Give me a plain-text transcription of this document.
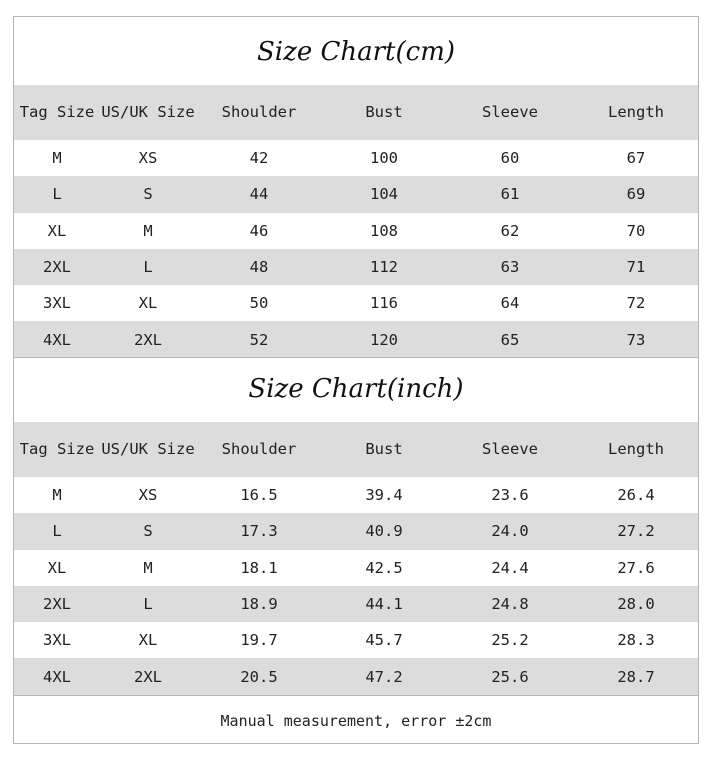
Size Chart(cm)
Tag Size	US/UK Size	Shoulder	Bust	Sleeve	Length
M	XS	42	100	60	67
L	S	44	104	61	69
XL	M	46	108	62	70
2XL	L	48	112	63	71
3XL	XL	50	116	64	72
4XL	2XL	52	120	65	73
Size Chart(inch)
Tag Size	US/UK Size	Shoulder	Bust	Sleeve	Length
M	XS	16.5	39.4	23.6	26.4
L	S	17.3	40.9	24.0	27.2
XL	M	18.1	42.5	24.4	27.6
2XL	L	18.9	44.1	24.8	28.0
3XL	XL	19.7	45.7	25.2	28.3
4XL	2XL	20.5	47.2	25.6	28.7
Manual measurement, error ±2cm
